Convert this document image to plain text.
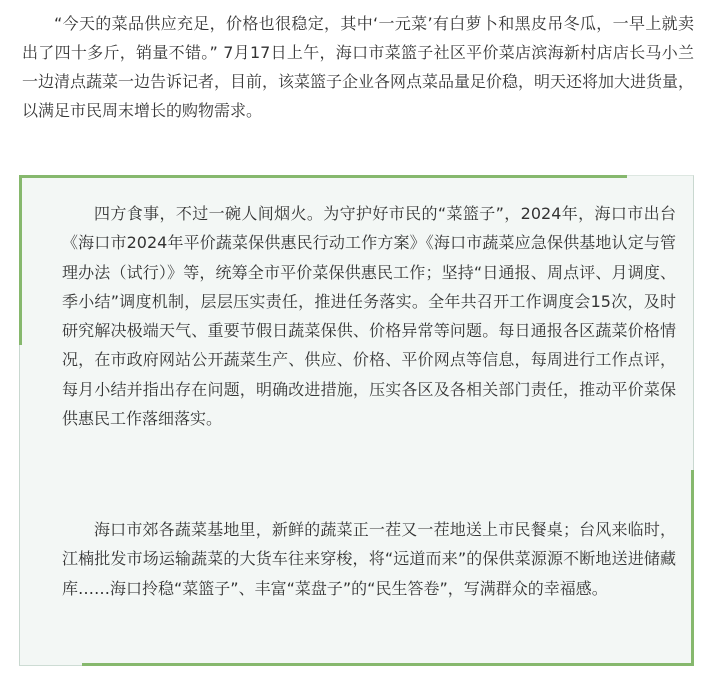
“今天的菜品供应充足，价格也很稳定，其中‘一元菜’有白萝卜和黑皮吊冬瓜，一早上就卖出了四十多斤，销量不错。” 7月17日上午，海口市菜篮子社区平价菜店滨海新村店店长马小兰一边清点蔬菜一边告诉记者，目前，该菜篮子企业各网点菜品量足价稳，明天还将加大进货量，以满足市民周末增长的购物需求。

四方食事，不过一碗人间烟火。为守护好市民的“菜篮子”，2024年，海口市出台《海口市2024年平价蔬菜保供惠民行动工作方案》《海口市蔬菜应急保供基地认定与管理办法（试行）》等，统筹全市平价菜保供惠民工作；坚持“日通报、周点评、月调度、季小结”调度机制，层层压实责任，推进任务落实。全年共召开工作调度会15次，及时研究解决极端天气、重要节假日蔬菜保供、价格异常等问题。每日通报各区蔬菜价格情况，在市政府网站公开蔬菜生产、供应、价格、平价网点等信息，每周进行工作点评，每月小结并指出存在问题，明确改进措施，压实各区及各相关部门责任，推动平价菜保供惠民工作落细落实。

海口市郊各蔬菜基地里，新鲜的蔬菜正一茬又一茬地送上市民餐桌；台风来临时，江楠批发市场运输蔬菜的大货车往来穿梭，将“远道而来”的保供菜源源不断地送进储藏库……海口拎稳“菜篮子”、丰富“菜盘子”的“民生答卷”，写满群众的幸福感。
